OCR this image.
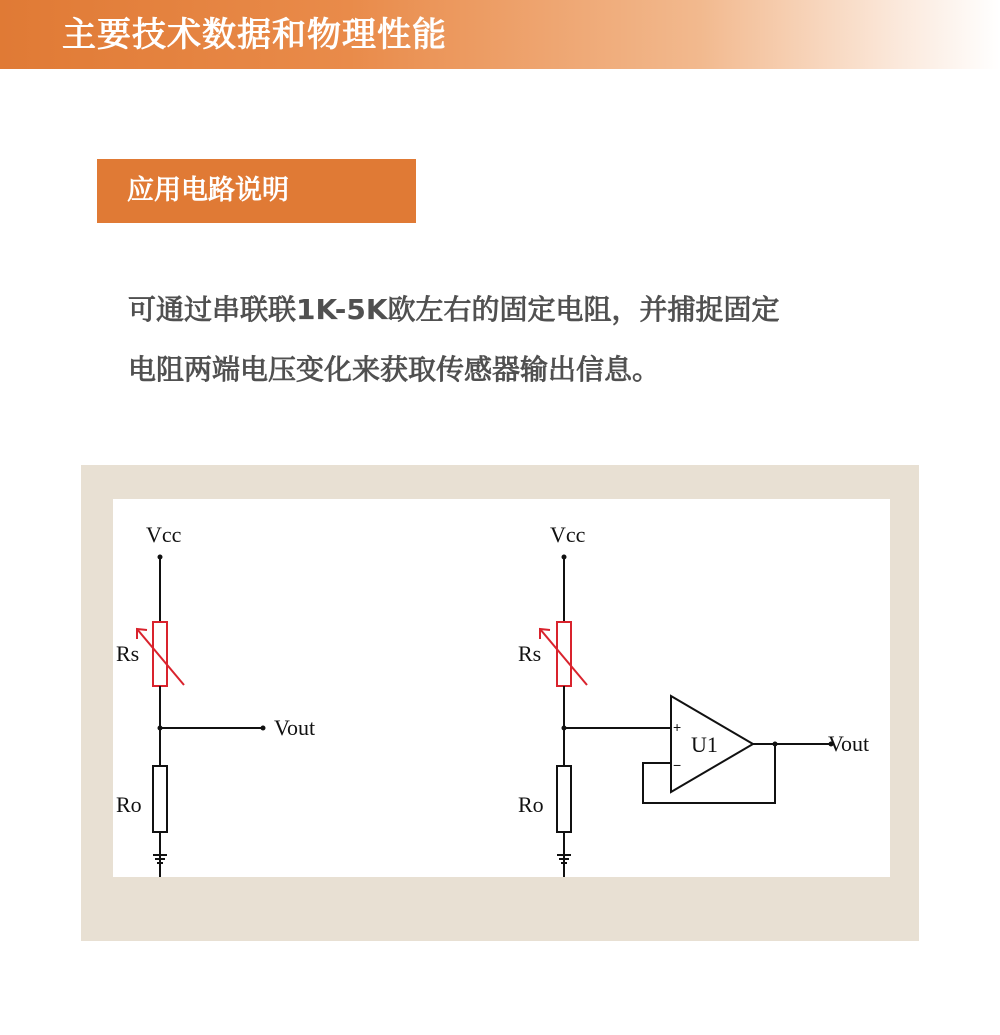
主要技术数据和物理性能
应用电路说明

可通过串联联1K-5K欧左右的固定电阻，并捕捉固定

电阻两端电压变化来获取传感器输出信息。

Vcc
Rs
Ro
Vout
Vcc
Rs
Ro
U1
+
−
Vout
